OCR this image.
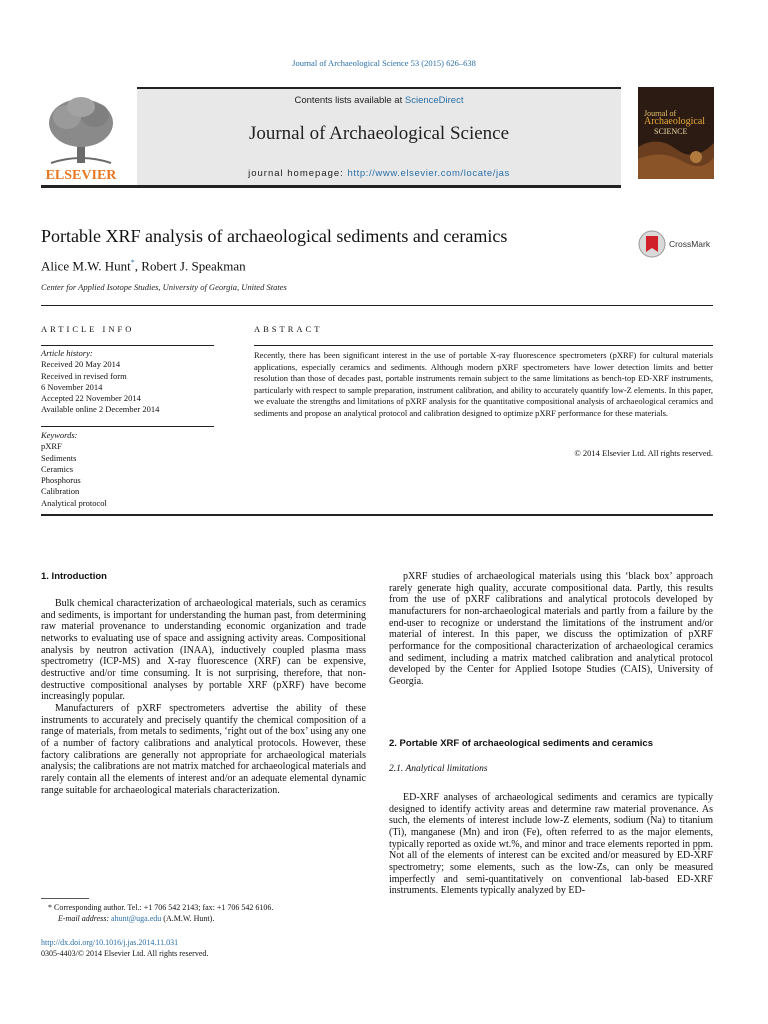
Journal of Archaeological Science 53 (2015) 626–638
ELSEVIER
Contents lists available at ScienceDirect
Journal of Archaeological Science
journal homepage: http://www.elsevier.com/locate/jas
Journal of
Archaeological
SCIENCE
Portable XRF analysis of archaeological sediments and ceramics	CrossMark
Alice M.W. Hunt*, Robert J. Speakman
Center for Applied Isotope Studies, University of Georgia, United States
ARTICLE INFO
Article history:
Received 20 May 2014
Received in revised form
6 November 2014
Accepted 22 November 2014
Available online 2 December 2014
Keywords:
pXRF
Sediments
Ceramics
Phosphorus
Calibration
Analytical protocol
ABSTRACT
Recently, there has been significant interest in the use of portable X-ray fluorescence spectrometers (pXRF) for cultural materials applications, especially ceramics and sediments. Although modern pXRF spectrometers have lower detection limits and better resolution than those of decades past, portable instruments remain subject to the same limitations as bench-top ED-XRF instruments, particularly with respect to sample preparation, instrument calibration, and ability to accurately quantify low-Z elements. In this paper, we evaluate the strengths and limitations of pXRF analysis for the quantitative compositional analysis of archaeological ceramics and sediments and propose an analytical protocol and calibration designed to optimize pXRF performance for these materials.
© 2014 Elsevier Ltd. All rights reserved.
1. Introduction

Bulk chemical characterization of archaeological materials, such as ceramics and sediments, is important for understanding the human past, from determining raw material provenance to understanding economic organization and trade networks to evaluating use of space and assigning activity areas. Compositional analysis by neutron activation (INAA), inductively coupled plasma mass spectrometry (ICP-MS) and X-ray fluorescence (XRF) can be expensive, destructive and/or time consuming. It is not surprising, therefore, that non-destructive compositional analyses by portable XRF (pXRF) have become increasingly popular.

Manufacturers of pXRF spectrometers advertise the ability of these instruments to accurately and precisely quantify the chemical composition of a range of materials, from metals to sediments, ‘right out of the box’ using any one of a number of factory calibrations and analytical protocols. However, these factory calibrations are generally not appropriate for archaeological materials analysis; the calibrations are not matrix matched for archaeological materials and rarely contain all the elements of interest and/or an adequate elemental dynamic range suitable for archaeological materials characterization.

pXRF studies of archaeological materials using this ‘black box’ approach rarely generate high quality, accurate compositional data. Partly, this results from the use of pXRF calibrations and analytical protocols developed by manufacturers for non-archaeological materials and partly from a failure by the end-user to recognize or understand the limitations of the instrument and/or material of interest. In this paper, we discuss the optimization of pXRF performance for the compositional characterization of archaeological ceramics and sediment, including a matrix matched calibration and analytical protocol developed by the Center for Applied Isotope Studies (CAIS), University of Georgia.

2. Portable XRF of archaeological sediments and ceramics
2.1. Analytical limitations

ED-XRF analyses of archaeological sediments and ceramics are typically designed to identify activity areas and determine raw material provenance. As such, the elements of interest include low-Z elements, sodium (Na) to titanium (Ti), manganese (Mn) and iron (Fe), often referred to as the major elements, typically reported as oxide wt.%, and minor and trace elements reported in ppm. Not all of the elements of interest can be excited and/or measured by ED-XRF spectrometry; some elements, such as the low-Zs, can only be measured imperfectly and semi-quantitatively on conventional lab-based ED-XRF instruments. Elements typically analyzed by ED-

* Corresponding author. Tel.: +1 706 542 2143; fax: +1 706 542 6106.
E-mail address: ahunt@uga.edu (A.M.W. Hunt).
http://dx.doi.org/10.1016/j.jas.2014.11.031
0305-4403/© 2014 Elsevier Ltd. All rights reserved.
